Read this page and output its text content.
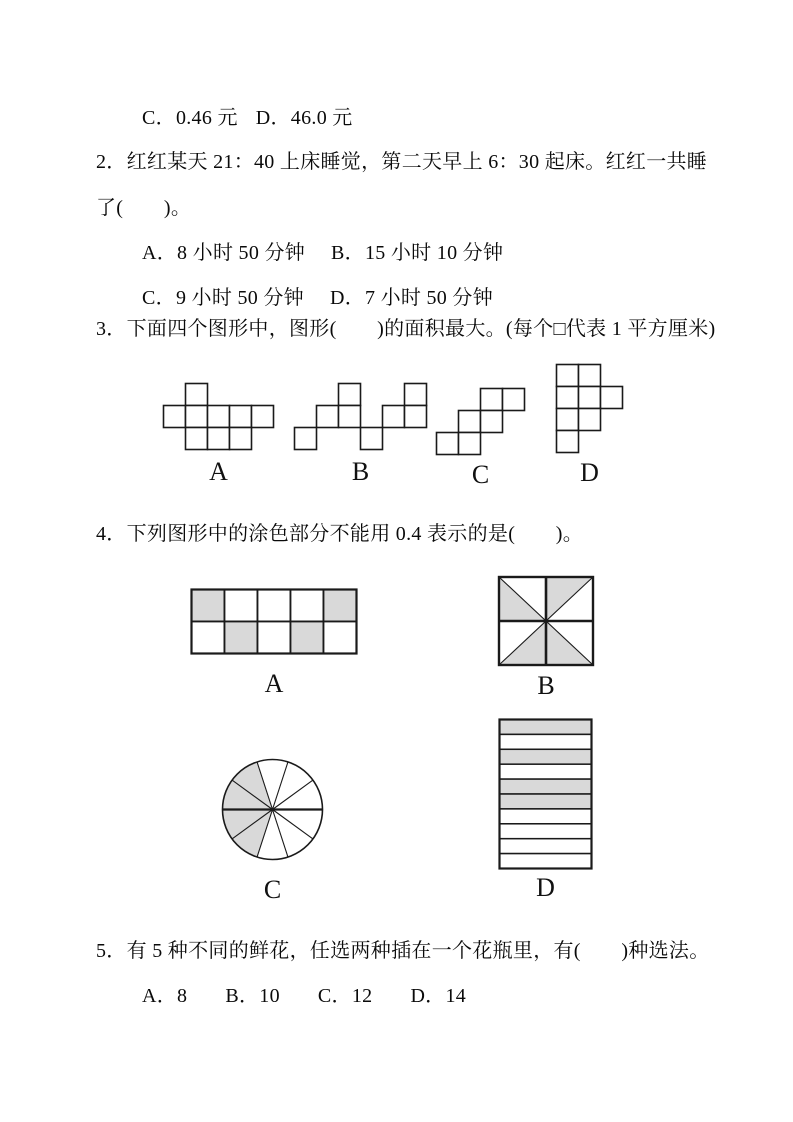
C．0.46 元 D．46.0 元
2．红红某天 21：40 上床睡觉，第二天早上 6：30 起床。红红一共睡
了(　　)。
A．8 小时 50 分钟 B．15 小时 10 分钟
C．9 小时 50 分钟 D．7 小时 50 分钟
3．下面四个图形中，图形(　　)的面积最大。(每个□代表 1 平方厘米)
A	B	C	D
4．下列图形中的涂色部分不能用 0.4 表示的是(　　)。
A	B
C	D
5．有 5 种不同的鲜花，任选两种插在一个花瓶里，有(　　)种选法。
A．8 B．10 C．12 D．14
